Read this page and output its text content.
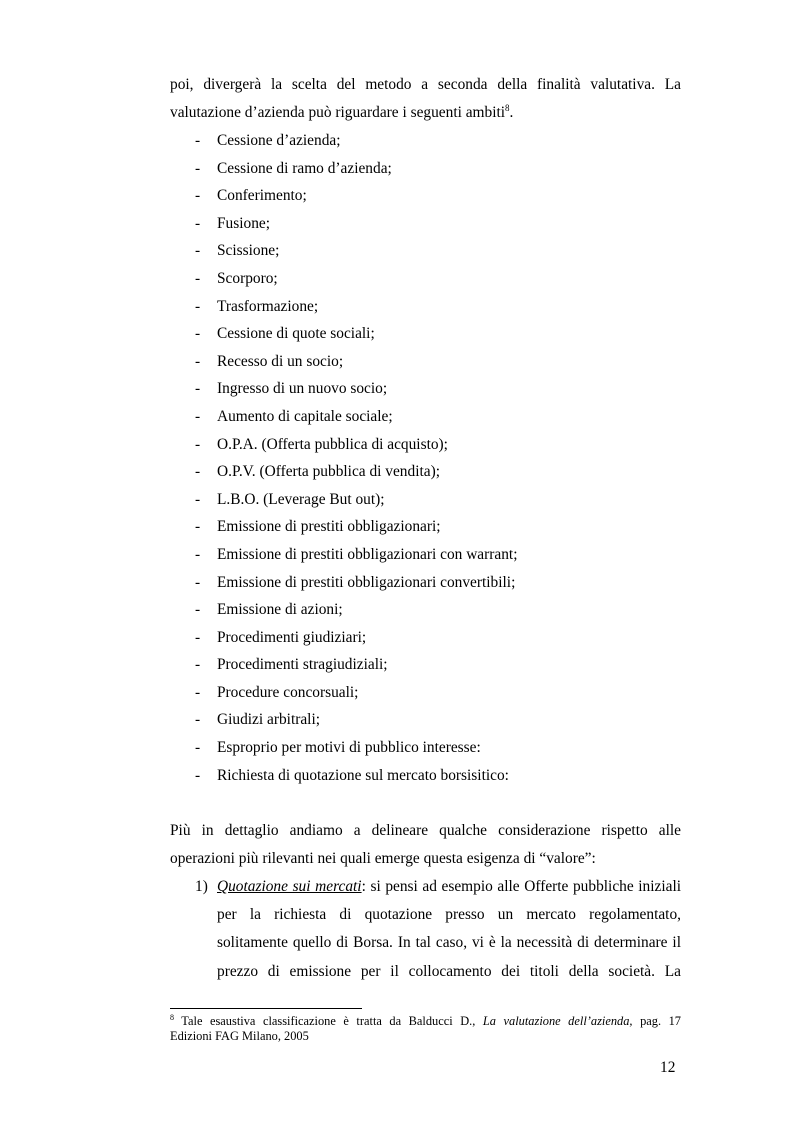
poi, divergerà la scelta del metodo a seconda della finalità valutativa. La
valutazione d’azienda può riguardare i seguenti ambiti$^8$.
- Cessione d’azienda;
- Cessione di ramo d’azienda;
- Conferimento;
- Fusione;
- Scissione;
- Scorporo;
- Trasformazione;
- Cessione di quote sociali;
- Recesso di un socio;
- Ingresso di un nuovo socio;
- Aumento di capitale sociale;
- O.P.A. (Offerta pubblica di acquisto);
- O.P.V. (Offerta pubblica di vendita);
- L.B.O. (Leverage But out);
- Emissione di prestiti obbligazionari;
- Emissione di prestiti obbligazionari con warrant;
- Emissione di prestiti obbligazionari convertibili;
- Emissione di azioni;
- Procedimenti giudiziari;
- Procedimenti stragiudiziali;
- Procedure concorsuali;
- Giudizi arbitrali;
- Esproprio per motivi di pubblico interesse:
- Richiesta di quotazione sul mercato borsisitico:
Più in dettaglio andiamo a delineare qualche considerazione rispetto alle
operazioni più rilevanti nei quali emerge questa esigenza di “valore”:
1) Quotazione sui mercati: si pensi ad esempio alle Offerte pubbliche iniziali per la richiesta di quotazione presso un mercato regolamentato, solitamente quello di Borsa. In tal caso, vi è la necessità di determinare il prezzo di emissione per il collocamento dei titoli della società. La
$^8$ Tale esaustiva classificazione è tratta da Balducci D., La valutazione dell’azienda, pag. 17
Edizioni FAG Milano, 2005
12
